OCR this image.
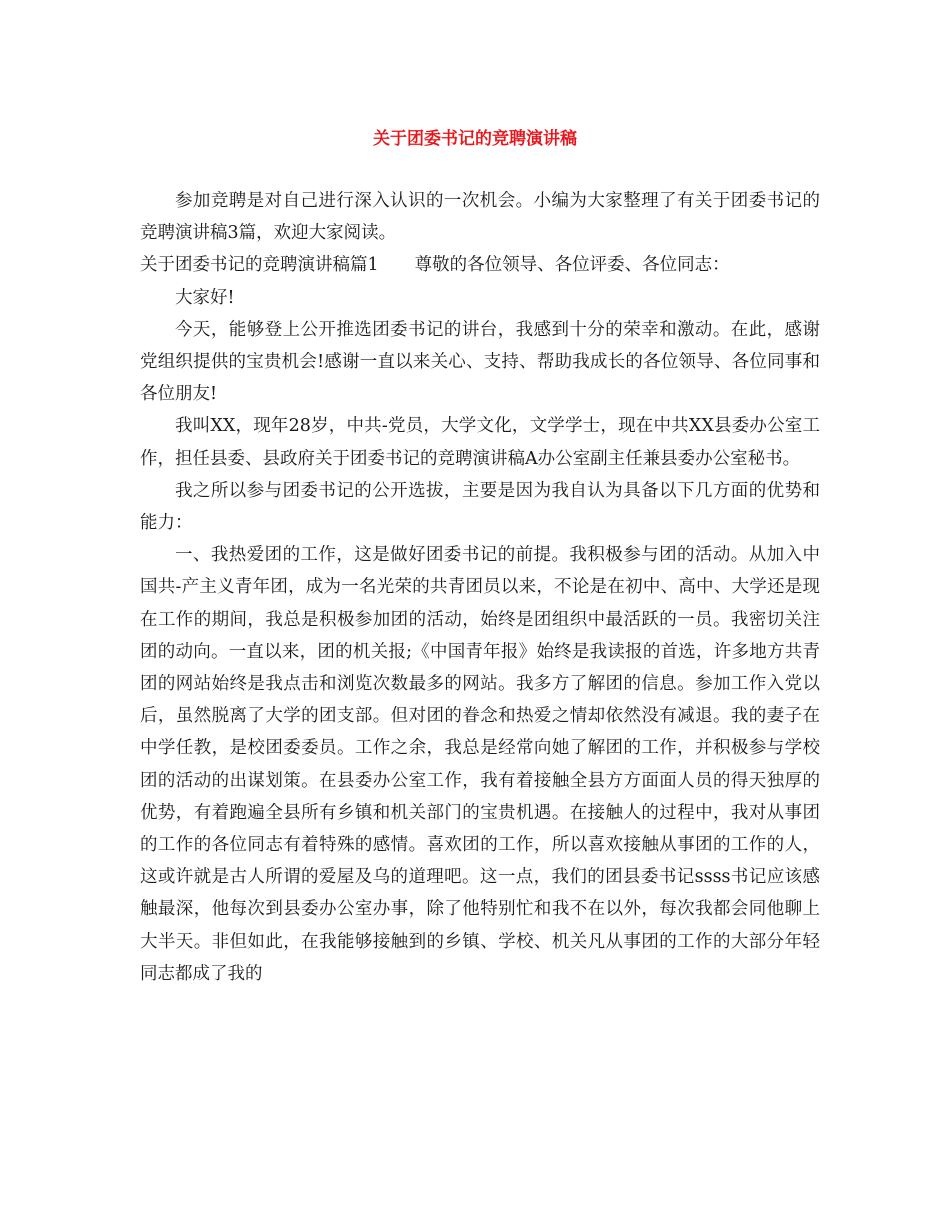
关于团委书记的竞聘演讲稿

参加竞聘是对自己进行深入认识的一次机会。小编为大家整理了有关于团委书记的竞聘演讲稿3篇，欢迎大家阅读。

关于团委书记的竞聘演讲稿篇1 尊敬的各位领导、各位评委、各位同志：

大家好!

今天，能够登上公开推选团委书记的讲台，我感到十分的荣幸和激动。在此，感谢党组织提供的宝贵机会!感谢一直以来关心、支持、帮助我成长的各位领导、各位同事和各位朋友!

我叫XX，现年28岁，中共-党员，大学文化，文学学士，现在中共XX县委办公室工作，担任县委、县政府关于团委书记的竞聘演讲稿A办公室副主任兼县委办公室秘书。

我之所以参与团委书记的公开选拔，主要是因为我自认为具备以下几方面的优势和能力：

一、我热爱团的工作，这是做好团委书记的前提。我积极参与团的活动。从加入中国共-产主义青年团，成为一名光荣的共青团员以来，不论是在初中、高中、大学还是现在工作的期间，我总是积极参加团的活动，始终是团组织中最活跃的一员。我密切关注团的动向。一直以来，团的机关报;《中国青年报》始终是我读报的首选，许多地方共青团的网站始终是我点击和浏览次数最多的网站。我多方了解团的信息。参加工作入党以后，虽然脱离了大学的团支部。但对团的眷念和热爱之情却依然没有减退。我的妻子在中学任教，是校团委委员。工作之余，我总是经常向她了解团的工作，并积极参与学校团的活动的出谋划策。在县委办公室工作，我有着接触全县方方面面人员的得天独厚的优势，有着跑遍全县所有乡镇和机关部门的宝贵机遇。在接触人的过程中，我对从事团的工作的各位同志有着特殊的感情。喜欢团的工作，所以喜欢接触从事团的工作的人，这或许就是古人所谓的爱屋及乌的道理吧。这一点，我们的团县委书记ssss书记应该感触最深，他每次到县委办公室办事，除了他特别忙和我不在以外，每次我都会同他聊上大半天。非但如此，在我能够接触到的乡镇、学校、机关凡从事团的工作的大部分年轻同志都成了我的
